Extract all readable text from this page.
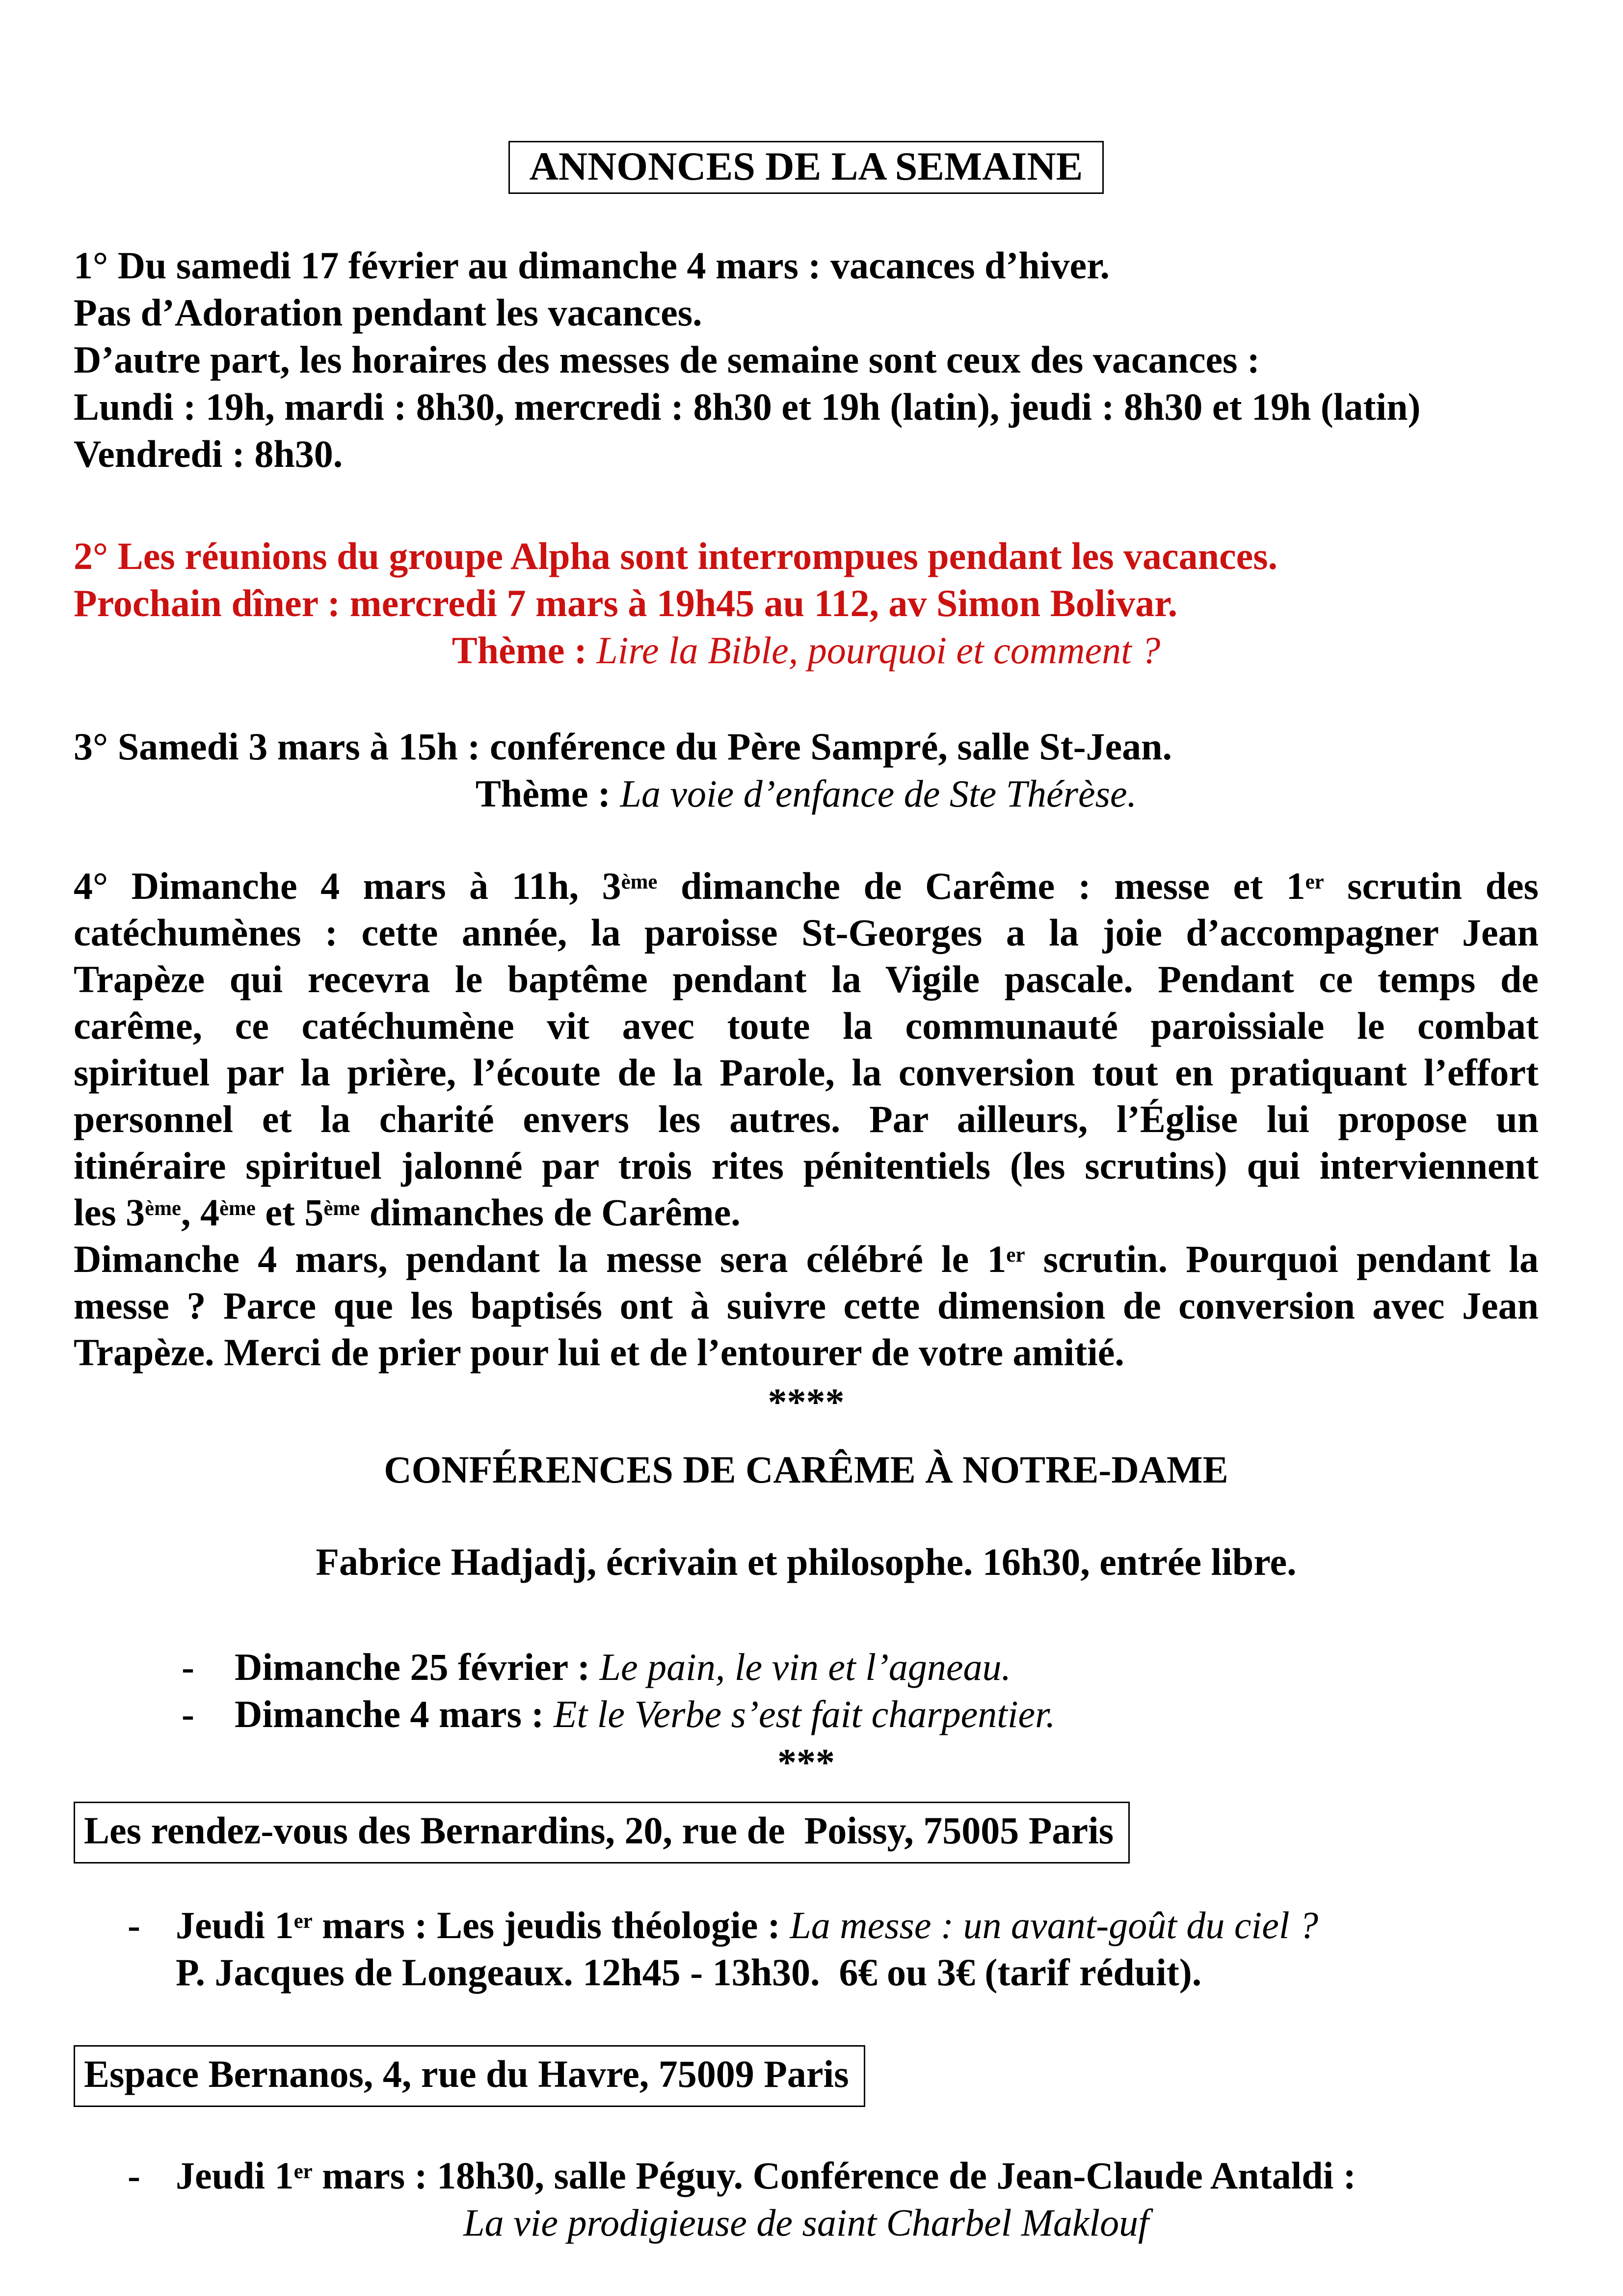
ANNONCES DE LA SEMAINE
1° Du samedi 17 février au dimanche 4 mars : vacances d’hiver.
Pas d’Adoration pendant les vacances.
D’autre part, les horaires des messes de semaine sont ceux des vacances :
Lundi : 19h, mardi : 8h30, mercredi : 8h30 et 19h (latin), jeudi : 8h30 et 19h (latin)
Vendredi : 8h30.
2° Les réunions du groupe Alpha sont interrompues pendant les vacances.
Prochain dîner : mercredi 7 mars à 19h45 au 112, av Simon Bolivar.
Thème : Lire la Bible, pourquoi et comment ?
3° Samedi 3 mars à 15h : conférence du Père Sampré, salle St-Jean.
Thème : La voie d’enfance de Ste Thérèse.
4° Dimanche 4 mars à 11h, 3ème dimanche de Carême : messe et 1er scrutin des
catéchumènes : cette année, la paroisse St-Georges a la joie d’accompagner Jean
Trapèze qui recevra le baptême pendant la Vigile pascale. Pendant ce temps de
carême, ce catéchumène vit avec toute la communauté paroissiale le combat
spirituel par la prière, l’écoute de la Parole, la conversion tout en pratiquant l’effort
personnel et la charité envers les autres. Par ailleurs, l’Église lui propose un
itinéraire spirituel jalonné par trois rites pénitentiels (les scrutins) qui interviennent
les 3ème, 4ème et 5ème dimanches de Carême.
Dimanche 4 mars, pendant la messe sera célébré le 1er scrutin. Pourquoi pendant la
messe ? Parce que les baptisés ont à suivre cette dimension de conversion avec Jean
Trapèze. Merci de prier pour lui et de l’entourer de votre amitié.
****
CONFÉRENCES DE CARÊME À NOTRE-DAME
Fabrice Hadjadj, écrivain et philosophe. 16h30, entrée libre.
- Dimanche 25 février : Le pain, le vin et l’agneau.
- Dimanche 4 mars : Et le Verbe s’est fait charpentier.
***
Les rendez-vous des Bernardins, 20, rue de  Poissy, 75005 Paris
- Jeudi 1er mars : Les jeudis théologie : La messe : un avant-goût du ciel ?
P. Jacques de Longeaux. 12h45 - 13h30.  6€ ou 3€ (tarif réduit).
Espace Bernanos, 4, rue du Havre, 75009 Paris
- Jeudi 1er mars : 18h30, salle Péguy. Conférence de Jean-Claude Antaldi :
La vie prodigieuse de saint Charbel Maklouf
